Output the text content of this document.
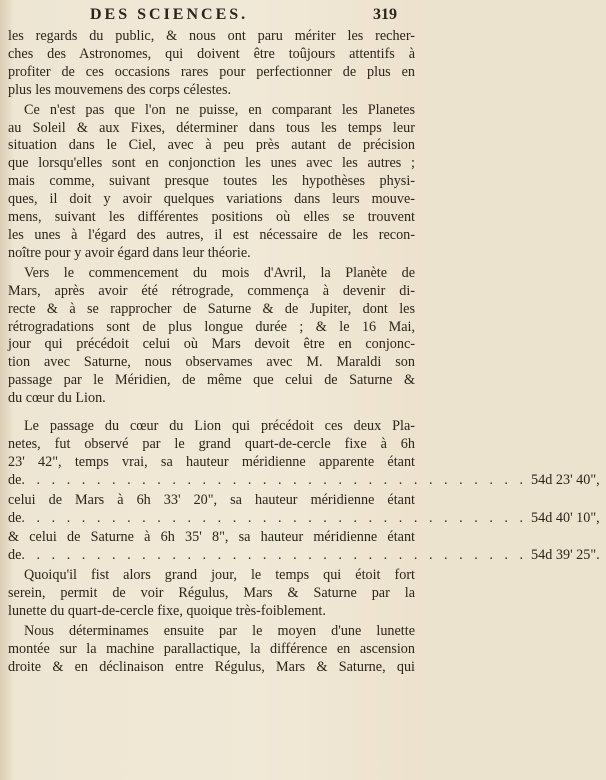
DES SCIENCES.	319

les regards du public, & nous ont paru mériter les recher-
ches des Astronomes, qui doivent être toûjours attentifs à
profiter de ces occasions rares pour perfectionner de plus en
plus les mouvemens des corps célestes.

Ce n'est pas que l'on ne puisse, en comparant les Planetes
au Soleil & aux Fixes, déterminer dans tous les temps leur
situation dans le Ciel, avec à peu près autant de précision
que lorsqu'elles sont en conjonction les unes avec les autres ;
mais comme, suivant presque toutes les hypothèses physi-
ques, il doit y avoir quelques variations dans leurs mouve-
mens, suivant les différentes positions où elles se trouvent
les unes à l'égard des autres, il est nécessaire de les recon-
noître pour y avoir égard dans leur théorie.

Vers le commencement du mois d'Avril, la Planète de
Mars, après avoir été rétrograde, commença à devenir di-
recte & à se rapprocher de Saturne & de Jupiter, dont les
rétrogradations sont de plus longue durée ; & le 16 Mai,
jour qui précédoit celui où Mars devoit être en conjonc-
tion avec Saturne, nous observames avec M. Maraldi son
passage par le Méridien, de même que celui de Saturne &
du cœur du Lion.

Le passage du cœur du Lion qui précédoit ces deux Pla-
netes, fut observé par le grand quart-de-cercle fixe à 6h
23' 42", temps vrai, sa hauteur méridienne apparente étant
de . . . . . . . . . . . . . . . . . . . . . . . . . . . . . . . . . . 54d 23' 40",

celui de Mars à 6h 33' 20", sa hauteur méridienne étant
de . . . . . . . . . . . . . . . . . . . . . . . . . . . . . . . . . . 54d 40' 10",

& celui de Saturne à 6h 35' 8", sa hauteur méridienne étant
de . . . . . . . . . . . . . . . . . . . . . . . . . . . . . . . . . . 54d 39' 25".

Quoiqu'il fist alors grand jour, le temps qui étoit fort
serein, permit de voir Régulus, Mars & Saturne par la
lunette du quart-de-cercle fixe, quoique très-foiblement.

Nous déterminames ensuite par le moyen d'une lunette
montée sur la machine parallactique, la différence en ascension
droite & en déclinaison entre Régulus, Mars & Saturne, qui
